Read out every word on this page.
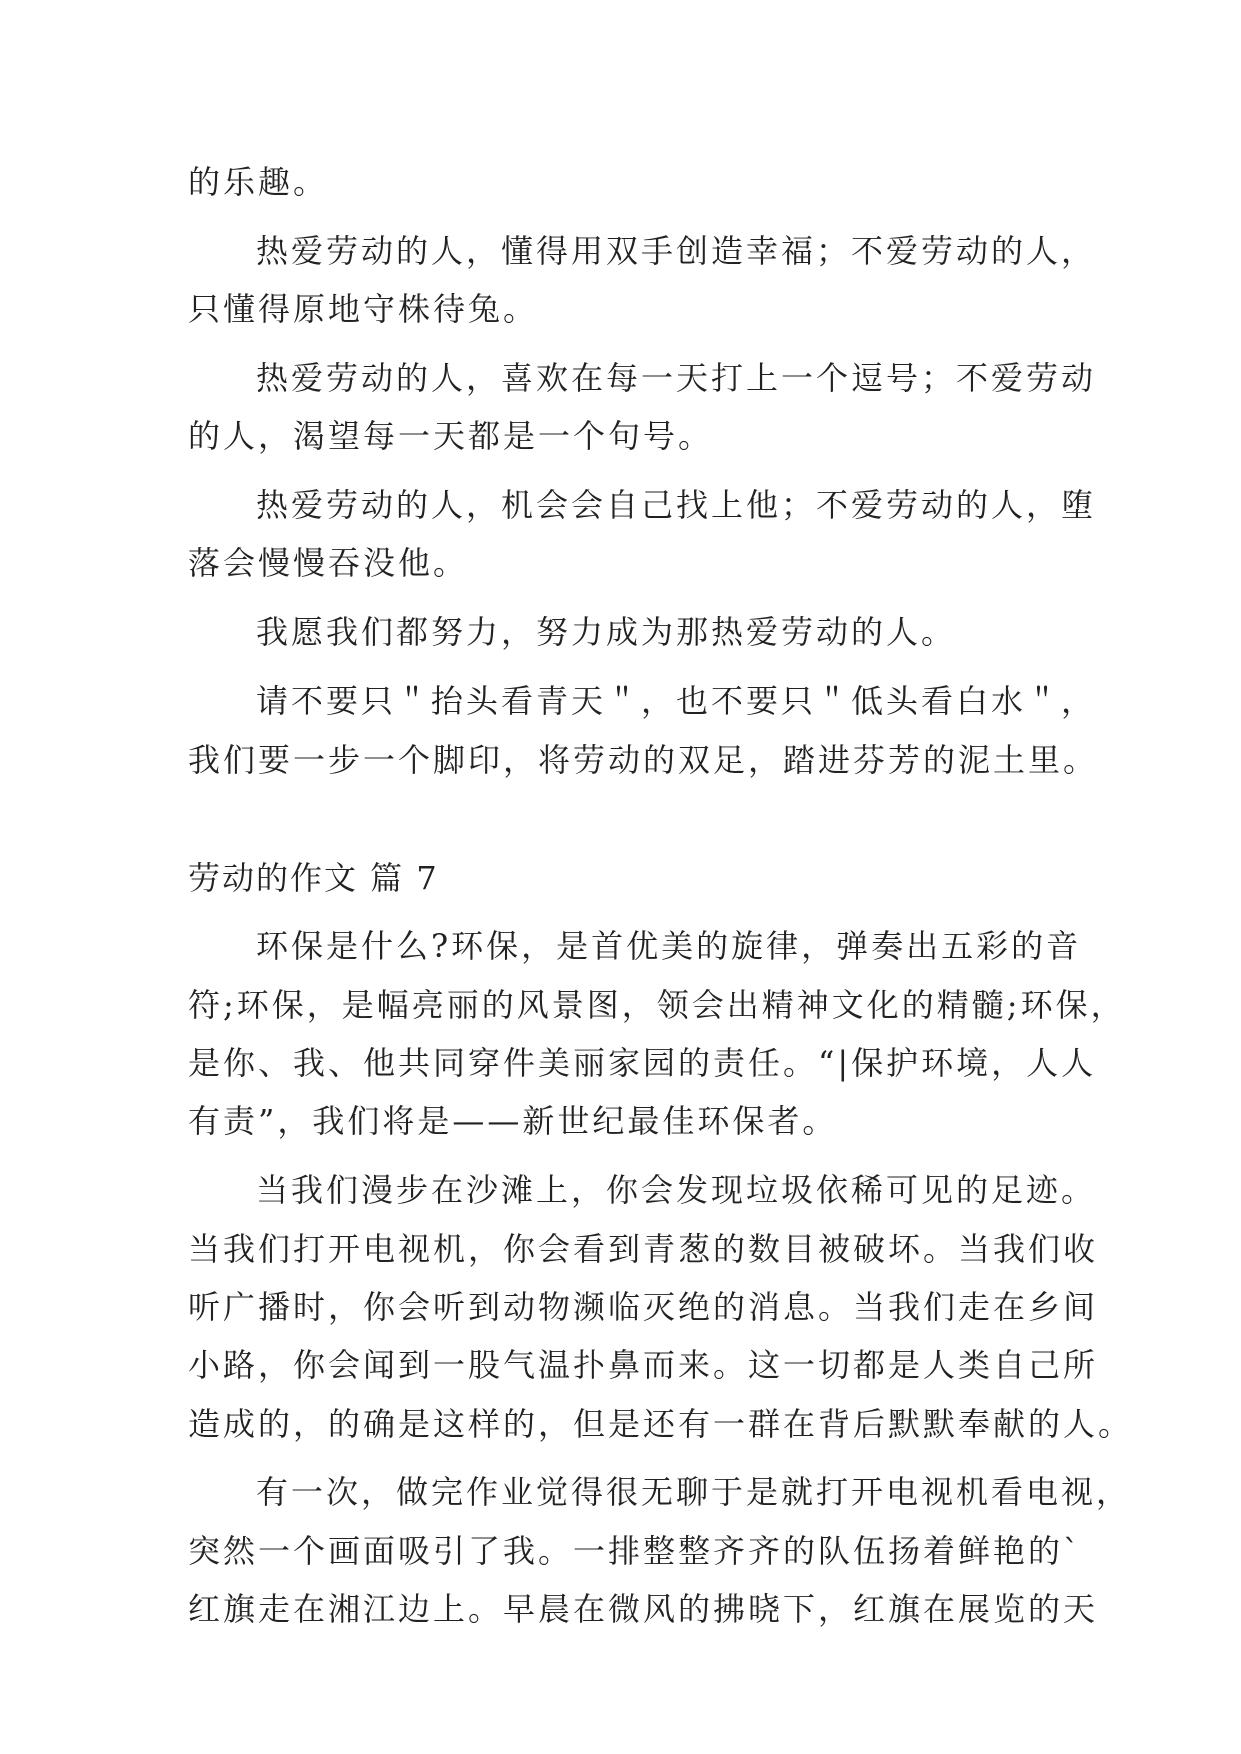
的乐趣。
热爱劳动的人，懂得用双手创造幸福；不爱劳动的人，
只懂得原地守株待兔。
热爱劳动的人，喜欢在每一天打上一个逗号；不爱劳动
的人，渴望每一天都是一个句号。
热爱劳动的人，机会会自己找上他；不爱劳动的人，堕
落会慢慢吞没他。
我愿我们都努力，努力成为那热爱劳动的人。
请不要只＂抬头看青天＂，也不要只＂低头看白水＂，
我们要一步一个脚印，将劳动的双足，踏进芬芳的泥土里。
劳动的作文 篇 7
环保是什么?环保，是首优美的旋律，弹奏出五彩的音
符;环保，是幅亮丽的风景图，领会出精神文化的精髓;环保，
是你、我、他共同穿件美丽家园的责任。“|保护环境，人人
有责”，我们将是——新世纪最佳环保者。
当我们漫步在沙滩上，你会发现垃圾依稀可见的足迹。
当我们打开电视机，你会看到青葱的数目被破坏。当我们收
听广播时，你会听到动物濒临灭绝的消息。当我们走在乡间
小路，你会闻到一股气温扑鼻而来。这一切都是人类自己所
造成的，的确是这样的，但是还有一群在背后默默奉献的人。
有一次，做完作业觉得很无聊于是就打开电视机看电视，
突然一个画面吸引了我。一排整整齐齐的队伍扬着鲜艳的`
红旗走在湘江边上。早晨在微风的拂晓下，红旗在展览的天
